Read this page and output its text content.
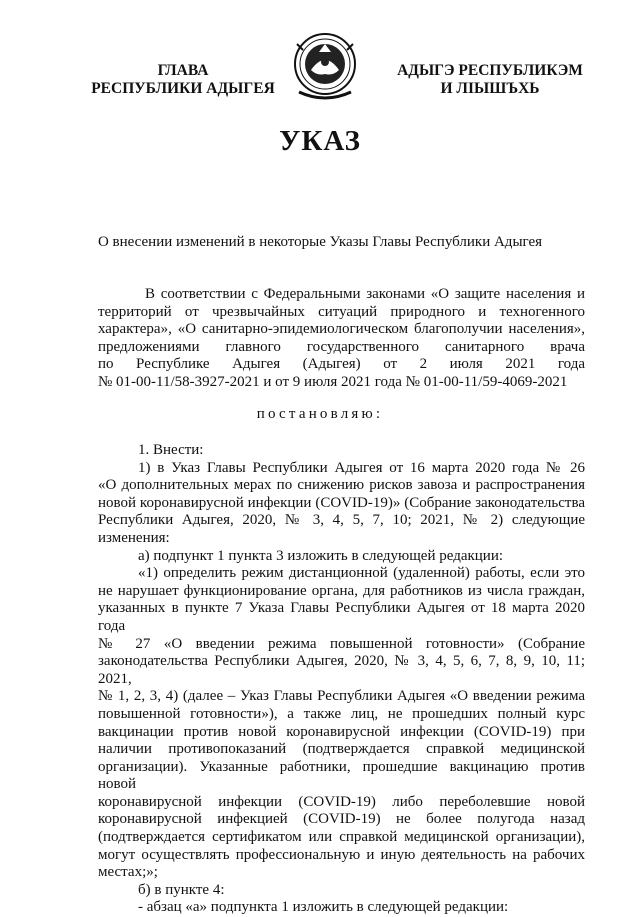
ГЛАВА
РЕСПУБЛИКИ АДЫГЕЯ
АДЫГЭ РЕСПУБЛИКЭМ
И ЛІЫШЪХЬ
УКАЗ
О внесении изменений в некоторые Указы Главы Республики Адыгея
В соответствии с Федеральными законами «О защите населения и
территорий от чрезвычайных ситуаций природного и техногенного
характера», «О санитарно-эпидемиологическом благополучии населения»,
предложениями главного государственного санитарного врача
по Республике Адыгея (Адыгея) от 2 июля 2021 года
№ 01-00-11/58-3927-2021 и от 9 июля 2021 года № 01-00-11/59-4069-2021
постановляю:
1. Внести:
1) в Указ Главы Республики Адыгея от 16 марта 2020 года № 26
«О дополнительных мерах по снижению рисков завоза и распространения
новой коронавирусной инфекции (COVID-19)» (Собрание законодательства
Республики Адыгея, 2020, № 3, 4, 5, 7, 10; 2021, № 2) следующие изменения:
а) подпункт 1 пункта 3 изложить в следующей редакции:
«1) определить режим дистанционной (удаленной) работы, если это
не нарушает функционирование органа, для работников из числа граждан,
указанных в пункте 7 Указа Главы Республики Адыгея от 18 марта 2020 года
№ 27 «О введении режима повышенной готовности» (Собрание
законодательства Республики Адыгея, 2020, № 3, 4, 5, 6, 7, 8, 9, 10, 11; 2021,
№ 1, 2, 3, 4) (далее – Указ Главы Республики Адыгея «О введении режима
повышенной готовности»), а также лиц, не прошедших полный курс
вакцинации против новой коронавирусной инфекции (COVID-19) при
наличии противопоказаний (подтверждается справкой медицинской
организации). Указанные работники, прошедшие вакцинацию против новой
коронавирусной инфекции (COVID-19) либо переболевшие новой
коронавирусной инфекцией (COVID-19) не более полугода назад
(подтверждается сертификатом или справкой медицинской организации),
могут осуществлять профессиональную и иную деятельность на рабочих
местах;»;
б) в пункте 4:
- абзац «а» подпункта 1 изложить в следующей редакции:
